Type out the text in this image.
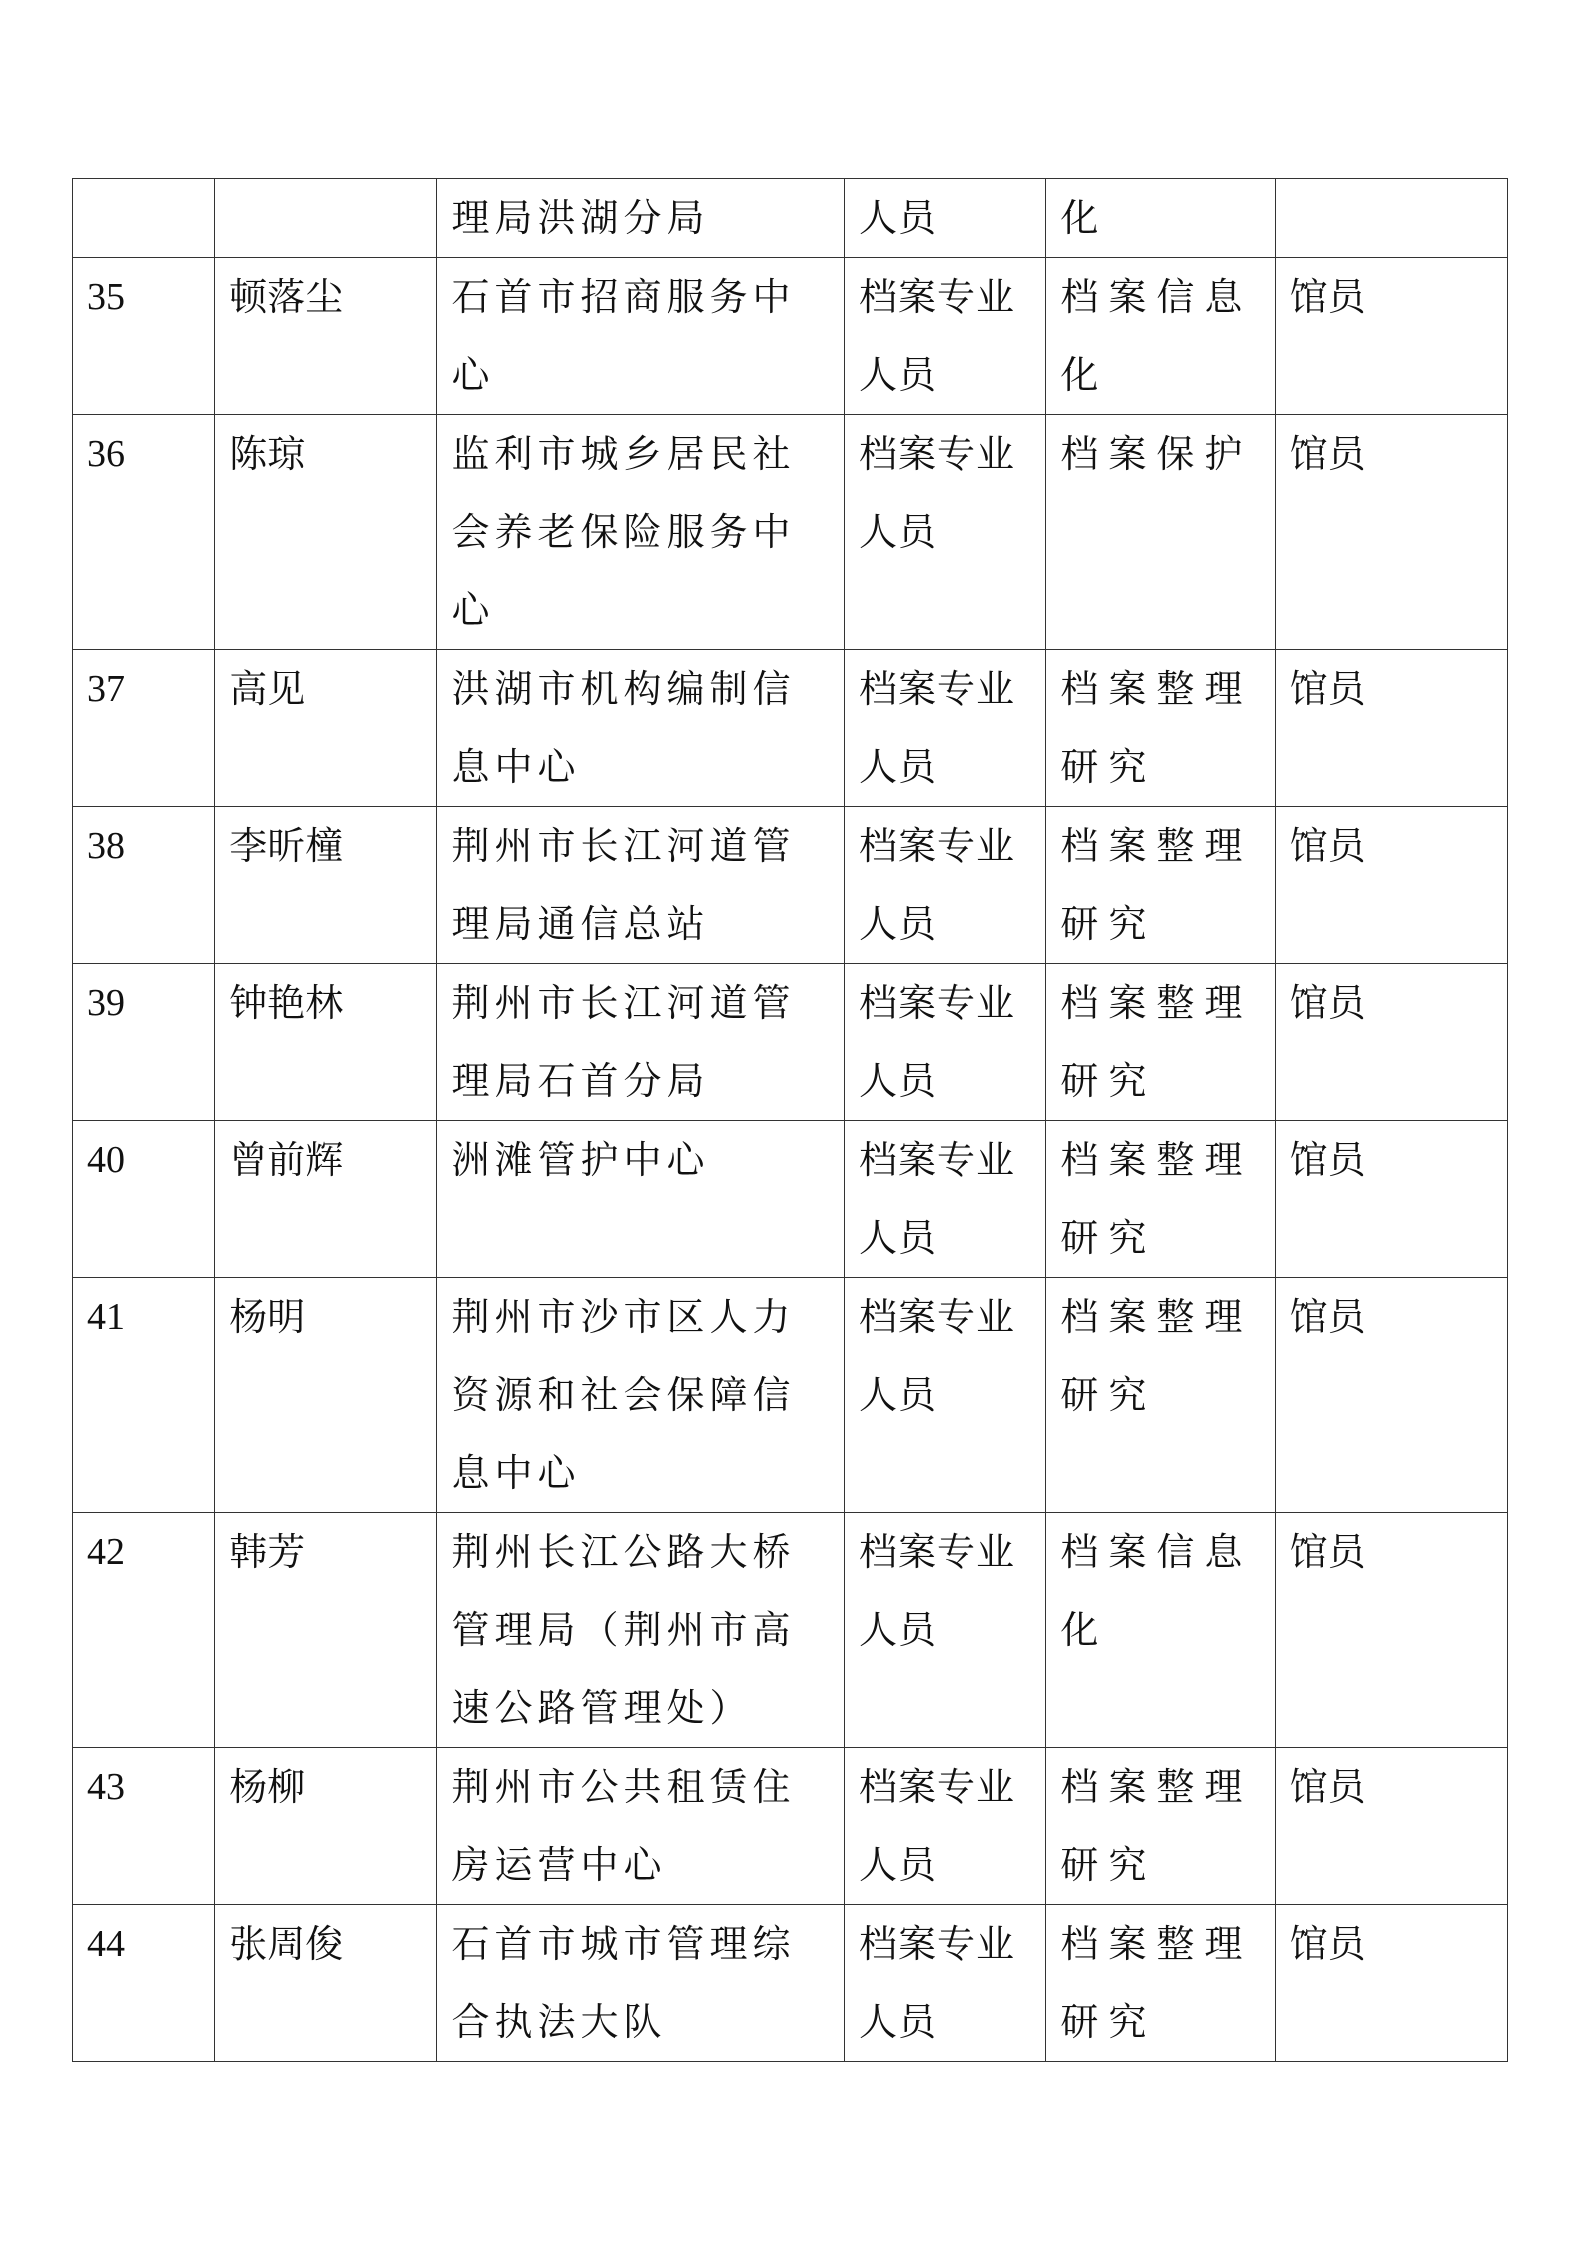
		理局洪湖分局	人员	化	
35	顿落尘	石首市招商服务中心	档案专业人员	档案信息化	馆员
36	陈琼	监利市城乡居民社会养老保险服务中心	档案专业人员	档案保护	馆员
37	高见	洪湖市机构编制信息中心	档案专业人员	档案整理研究	馆员
38	李昕橦	荆州市长江河道管理局通信总站	档案专业人员	档案整理研究	馆员
39	钟艳林	荆州市长江河道管理局石首分局	档案专业人员	档案整理研究	馆员
40	曾前辉	洲滩管护中心	档案专业人员	档案整理研究	馆员
41	杨明	荆州市沙市区人力资源和社会保障信息中心	档案专业人员	档案整理研究	馆员
42	韩芳	荆州长江公路大桥管理局（荆州市高速公路管理处）	档案专业人员	档案信息化	馆员
43	杨柳	荆州市公共租赁住房运营中心	档案专业人员	档案整理研究	馆员
44	张周俊	石首市城市管理综合执法大队	档案专业人员	档案整理研究	馆员
